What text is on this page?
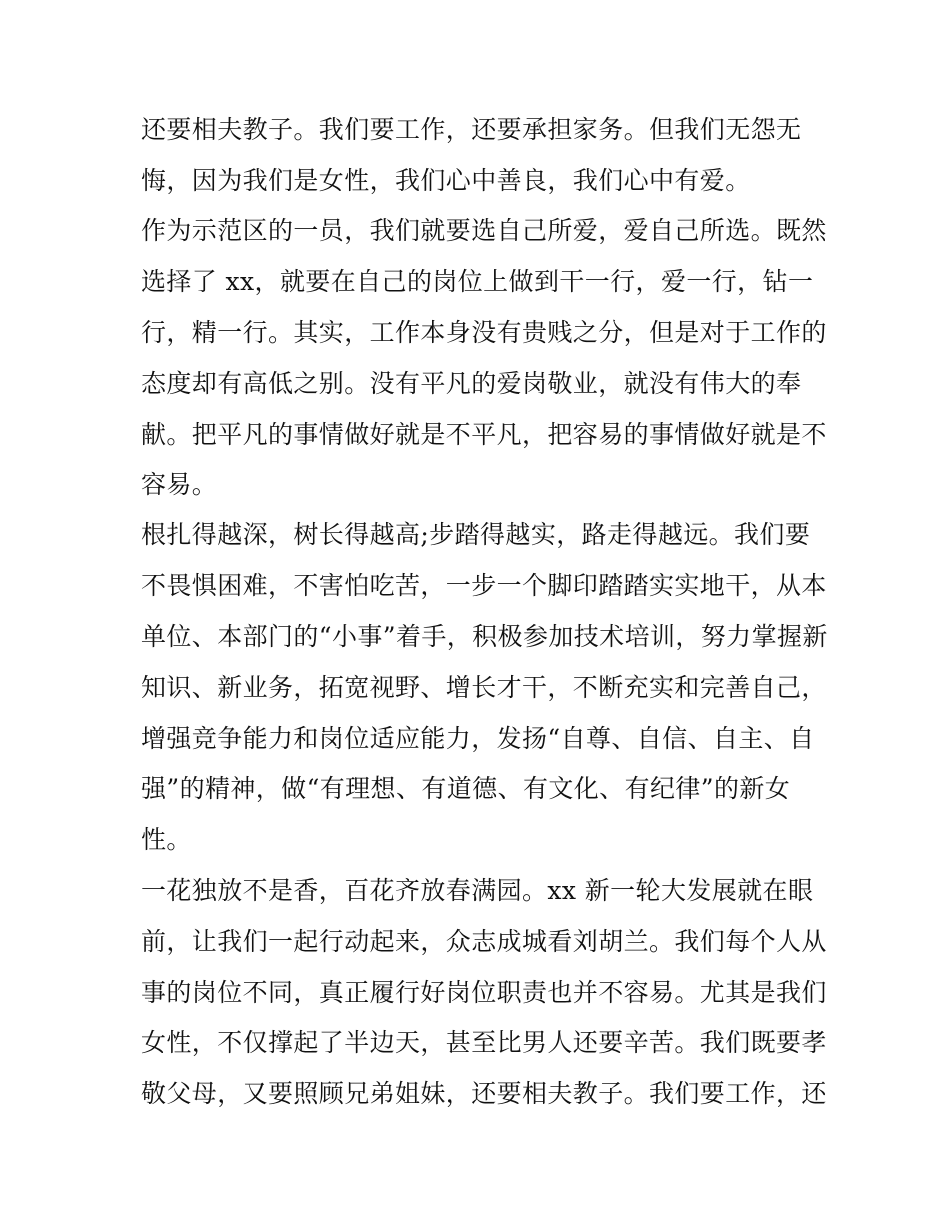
还要相夫教子。我们要工作，还要承担家务。但我们无怨无
悔，因为我们是女性，我们心中善良，我们心中有爱。
作为示范区的一员，我们就要选自己所爱，爱自己所选。既然
选择了 xx，就要在自己的岗位上做到干一行，爱一行，钻一
行，精一行。其实，工作本身没有贵贱之分，但是对于工作的
态度却有高低之别。没有平凡的爱岗敬业，就没有伟大的奉
献。把平凡的事情做好就是不平凡，把容易的事情做好就是不
容易。
根扎得越深，树长得越高;步踏得越实，路走得越远。我们要
不畏惧困难，不害怕吃苦，一步一个脚印踏踏实实地干，从本
单位、本部门的“小事”着手，积极参加技术培训，努力掌握新
知识、新业务，拓宽视野、增长才干，不断充实和完善自己，
增强竞争能力和岗位适应能力，发扬“自尊、自信、自主、自
强”的精神，做“有理想、有道德、有文化、有纪律”的新女
性。
一花独放不是香，百花齐放春满园。xx 新一轮大发展就在眼
前，让我们一起行动起来，众志成城看刘胡兰。我们每个人从
事的岗位不同，真正履行好岗位职责也并不容易。尤其是我们
女性，不仅撑起了半边天，甚至比男人还要辛苦。我们既要孝
敬父母，又要照顾兄弟姐妹，还要相夫教子。我们要工作，还
